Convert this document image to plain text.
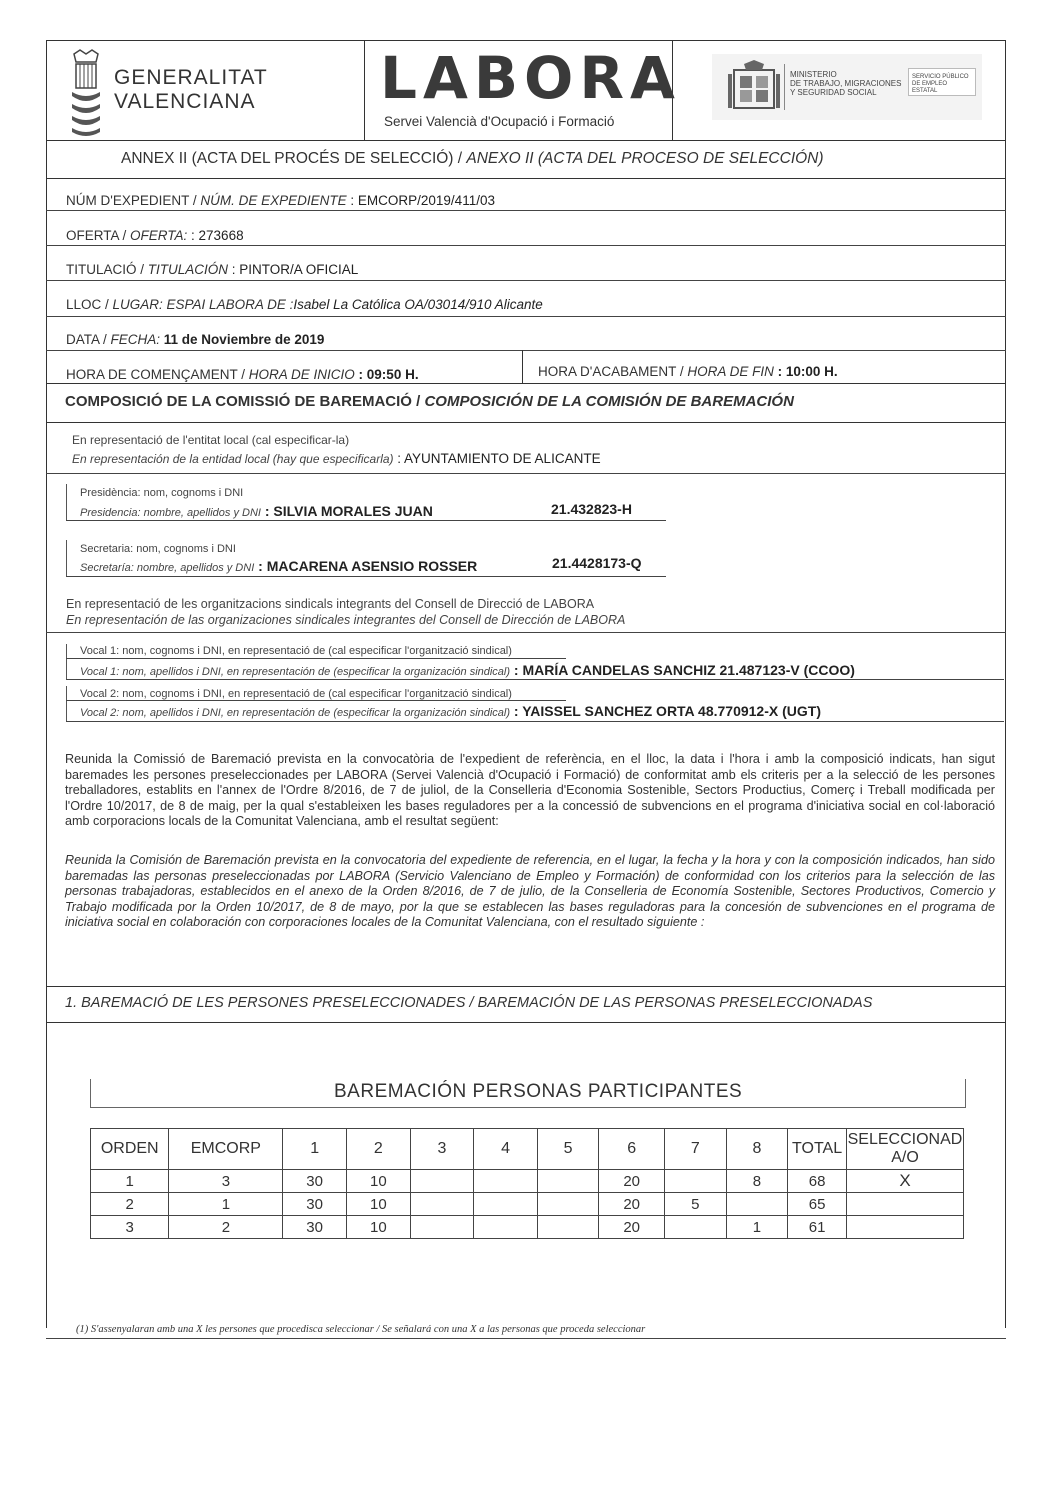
GENERALITAT
VALENCIANA LABORA
Servei Valencià d'Ocupació i Formació
MINISTERIO
DE TRABAJO, MIGRACIONES
Y SEGURIDAD SOCIAL
SERVICIO PÚBLICO
DE EMPLEO ESTATAL
ANNEX II (ACTA DEL PROCÉS DE SELECCIÓ) / ANEXO II (ACTA DEL PROCESO DE SELECCIÓN)
NÚM D'EXPEDIENT / NÚM. DE EXPEDIENTE : EMCORP/2019/411/03
OFERTA / OFERTA: : 273668
TITULACIÓ / TITULACIÓN : PINTOR/A OFICIAL
LLOC / LUGAR: ESPAI LABORA DE :Isabel La Católica OA/03014/910 Alicante
DATA / FECHA: 11 de Noviembre de 2019
HORA DE COMENÇAMENT / HORA DE INICIO : 09:50 H.	HORA D'ACABAMENT / HORA DE FIN : 10:00 H.
COMPOSICIÓ DE LA COMISSIÓ DE BAREMACIÓ / COMPOSICIÓN DE LA COMISIÓN DE BAREMACIÓN
En representació de l'entitat local (cal especificar-la)
En representación de la entidad local (hay que especificarla) : AYUNTAMIENTO DE ALICANTE
Presidència: nom, cognoms i DNI
Presidencia: nombre, apellidos y DNI : SILVIA MORALES JUAN	21.432823-H
Secretaria: nom, cognoms i DNI
Secretaría: nombre, apellidos y DNI : MACARENA ASENSIO ROSSER	21.4428173-Q
En representació de les organitzacions sindicals integrants del Consell de Direcció de LABORA
En representación de las organizaciones sindicales integrantes del Consell de Dirección de LABORA
Vocal 1: nom, cognoms i DNI, en representació de (cal especificar l'organització sindical)
Vocal 1: nom, apellidos i DNI, en representación de (especificar la organización sindical) : MARÍA CANDELAS SANCHIZ 21.487123-V (CCOO)
Vocal 2: nom, cognoms i DNI, en representació de (cal especificar l'organització sindical)
Vocal 2: nom, apellidos i DNI, en representación de (especificar la organización sindical) : YAISSEL SANCHEZ ORTA 48.770912-X (UGT)
Reunida la Comissió de Baremació prevista en la convocatòria de l'expedient de referència, en el lloc, la data i l'hora i amb la composició indicats, han sigut baremades les persones preseleccionades per LABORA (Servei Valencià d'Ocupació i Formació) de conformitat amb els criteris per a la selecció de les persones treballadores, establits en l'annex de l'Ordre 8/2016, de 7 de juliol, de la Conselleria d'Economia Sostenible, Sectors Productius, Comerç i Treball modificada per l'Ordre 10/2017, de 8 de maig, per la qual s'estableixen les bases reguladores per a la concessió de subvencions en el programa d'iniciativa social en col·laboració amb corporacions locals de la Comunitat Valenciana, amb el resultat següent:
Reunida la Comisión de Baremación prevista en la convocatoria del expediente de referencia, en el lugar, la fecha y la hora y con la composición indicados, han sido baremadas las personas preseleccionadas por LABORA (Servicio Valenciano de Empleo y Formación) de conformidad con los criterios para la selección de las personas trabajadoras, establecidos en el anexo de la Orden 8/2016, de 7 de julio, de la Conselleria de Economía Sostenible, Sectores Productivos, Comercio y Trabajo modificada por la Orden 10/2017, de 8 de mayo, por la que se establecen las bases reguladoras para la concesión de subvenciones en el programa de iniciativa social en colaboración con corporaciones locales de la Comunitat Valenciana, con el resultado siguiente :
1. BAREMACIÓ DE LES PERSONES PRESELECCIONADES / BAREMACIÓN DE LAS PERSONAS PRESELECCIONADAS
BAREMACIÓN PERSONAS PARTICIPANTES
ORDEN	EMCORP	1	2	3	4	5	6	7	8	TOTAL	SELECCIONAD A/O
1	3	30	10				20		8	68	X
2	1	30	10				20	5		65	
3	2	30	10				20		1	61	
(1) S'assenyalaran amb una X les persones que procedisca seleccionar / Se señalará con una X a las personas que proceda seleccionar
